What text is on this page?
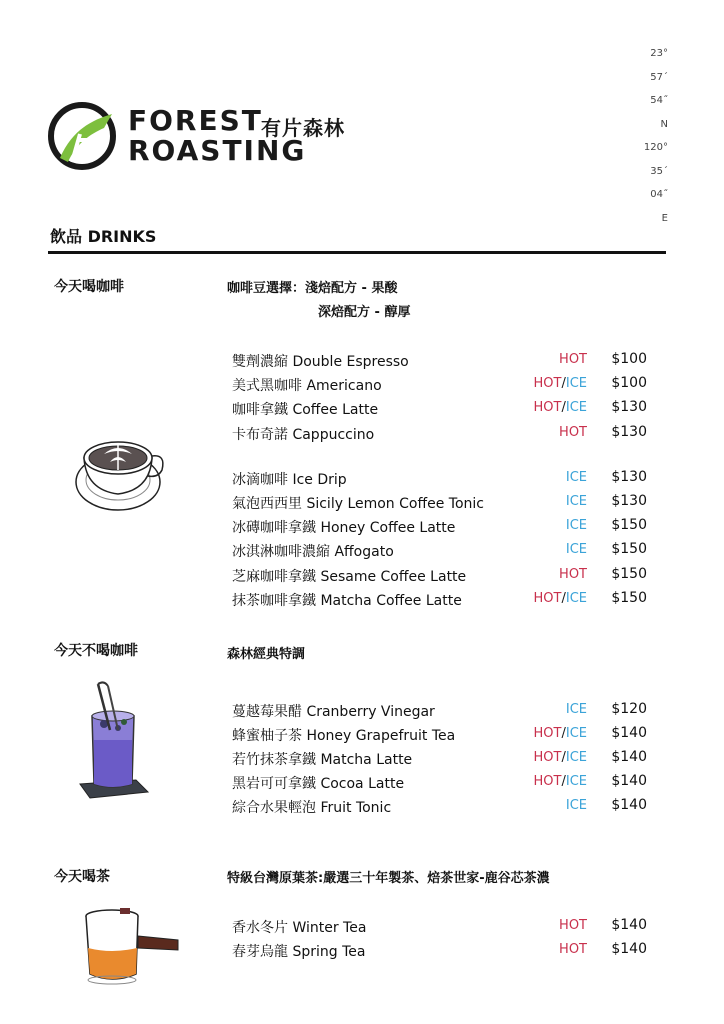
23°
57´
54˝
N
120°
35´
04˝
E
FOREST
ROASTING
有片森林
飲品 DRINKS
今天喝咖啡	咖啡豆選擇：淺焙配方 - 果酸
深焙配方 - 醇厚
雙劑濃縮 Double Espresso	HOT $100
美式黑咖啡 Americano	HOT/ICE $100
咖啡拿鐵 Coffee Latte	HOT/ICE $130
卡布奇諾 Cappuccino	HOT $130
冰滴咖啡 Ice Drip	ICE $130
氣泡西西里 Sicily Lemon Coffee Tonic	ICE $130
冰磚咖啡拿鐵 Honey Coffee Latte	ICE $150
冰淇淋咖啡濃縮 Affogato	ICE $150
芝麻咖啡拿鐵 Sesame Coffee Latte	HOT $150
抹茶咖啡拿鐵 Matcha Coffee Latte	HOT/ICE $150
今天不喝咖啡	森林經典特調
蔓越莓果醋 Cranberry Vinegar	ICE $120
蜂蜜柚子茶 Honey Grapefruit Tea	HOT/ICE $140
若竹抹茶拿鐵 Matcha Latte	HOT/ICE $140
黑岩可可拿鐵 Cocoa Latte	HOT/ICE $140
綜合水果輕泡 Fruit Tonic	ICE $140
今天喝茶	特級台灣原葉茶:嚴選三十年製茶、焙茶世家-鹿谷芯茶濃
香水冬片 Winter Tea	HOT $140
春芽烏龍 Spring Tea	HOT $140
